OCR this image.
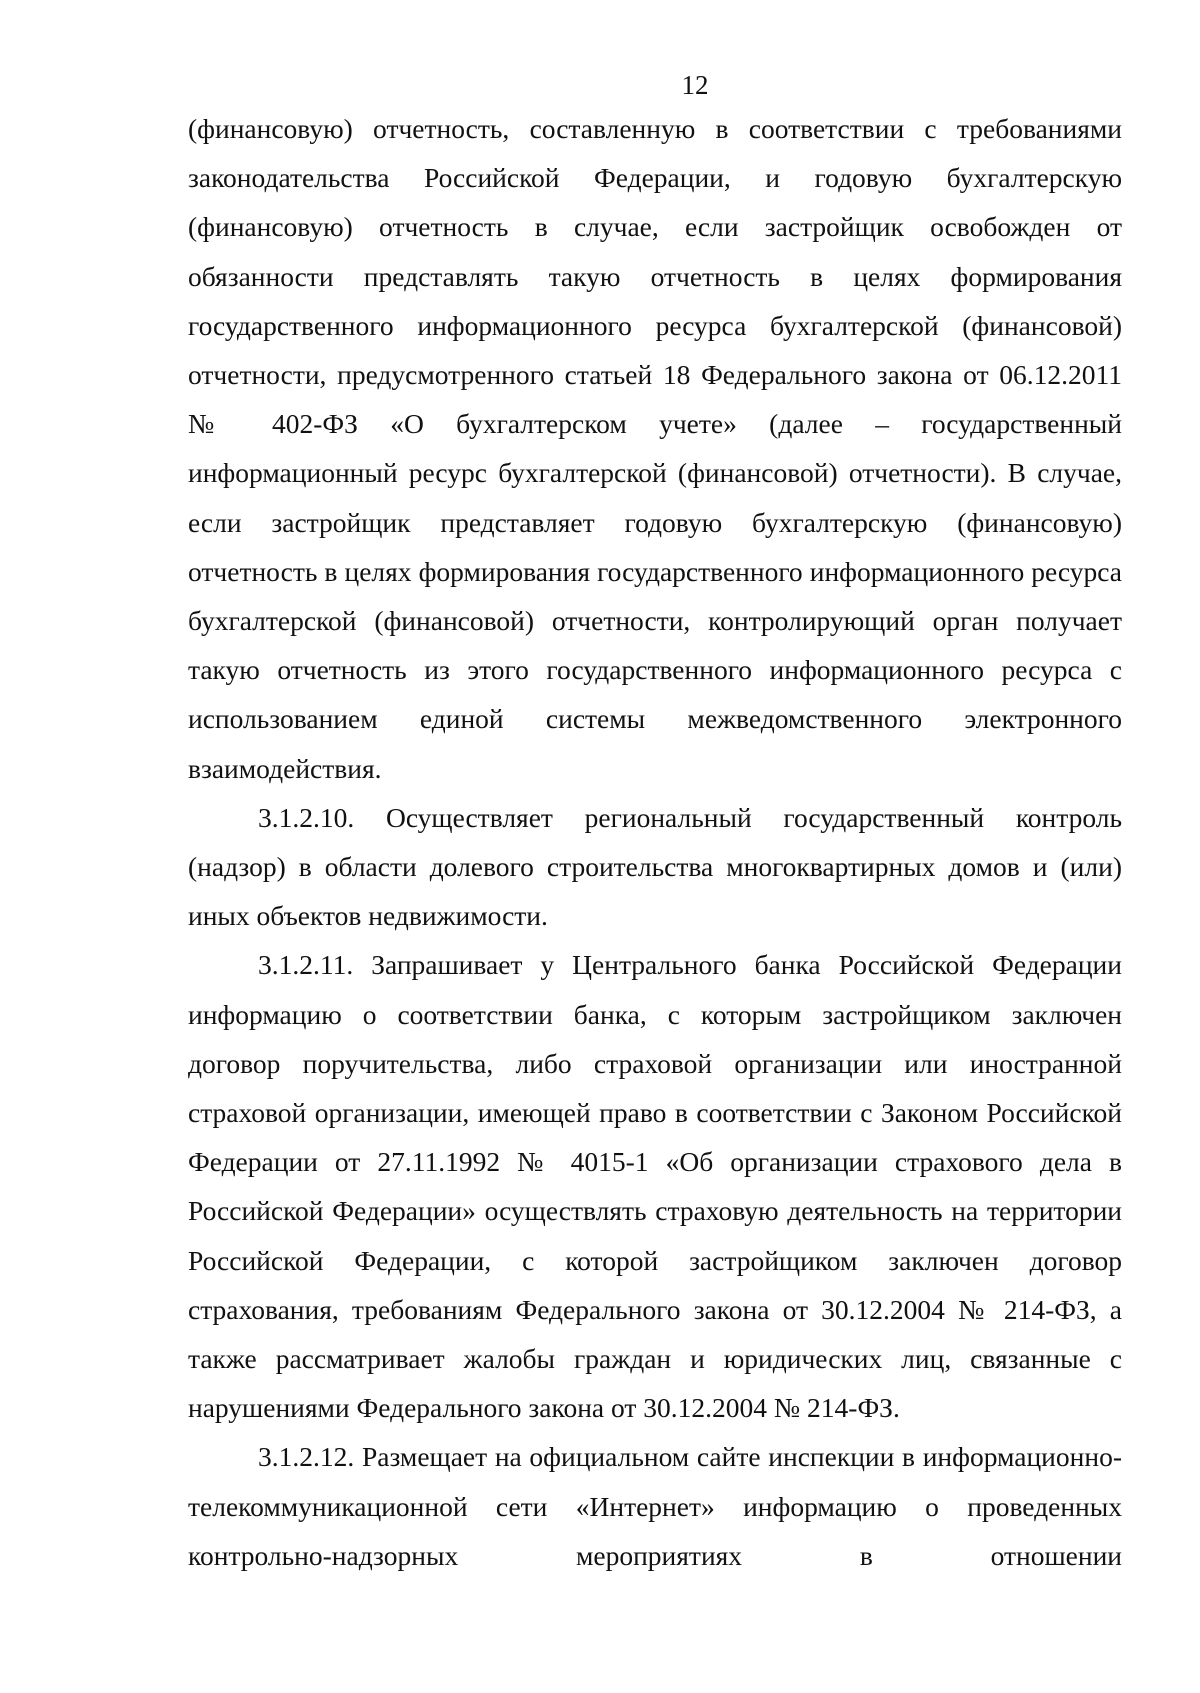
12

(финансовую) отчетность, составленную в соответствии с требованиями законодательства Российской Федерации, и годовую бухгалтерскую (финансовую) отчетность в случае, если застройщик освобожден от обязанности представлять такую отчетность в целях формирования государственного информационного ресурса бухгалтерской (финансовой) отчетности, предусмотренного статьей 18 Федерального закона от 06.12.2011 № 402-ФЗ «О бухгалтерском учете» (далее – государственный информационный ресурс бухгалтерской (финансовой) отчетности). В случае, если застройщик представляет годовую бухгалтерскую (финансовую) отчетность в целях формирования государственного информационного ресурса бухгалтерской (финансовой) отчетности, контролирующий орган получает такую отчетность из этого государственного информационного ресурса с использованием единой системы межведомственного электронного взаимодействия.

3.1.2.10. Осуществляет региональный государственный контроль (надзор) в области долевого строительства многоквартирных домов и (или) иных объектов недвижимости.

3.1.2.11. Запрашивает у Центрального банка Российской Федерации информацию о соответствии банка, с которым застройщиком заключен договор поручительства, либо страховой организации или иностранной страховой организации, имеющей право в соответствии с Законом Российской Федерации от 27.11.1992 № 4015-1 «Об организации страхового дела в Российской Федерации» осуществлять страховую деятельность на территории Российской Федерации, с которой застройщиком заключен договор страхования, требованиям Федерального закона от 30.12.2004 № 214-ФЗ, а также рассматривает жалобы граждан и юридических лиц, связанные с нарушениями Федерального закона от 30.12.2004 № 214-ФЗ.

3.1.2.12. Размещает на официальном сайте инспекции в информационно-телекоммуникационной сети «Интернет» информацию о проведенных контрольно-надзорных мероприятиях в отношении
